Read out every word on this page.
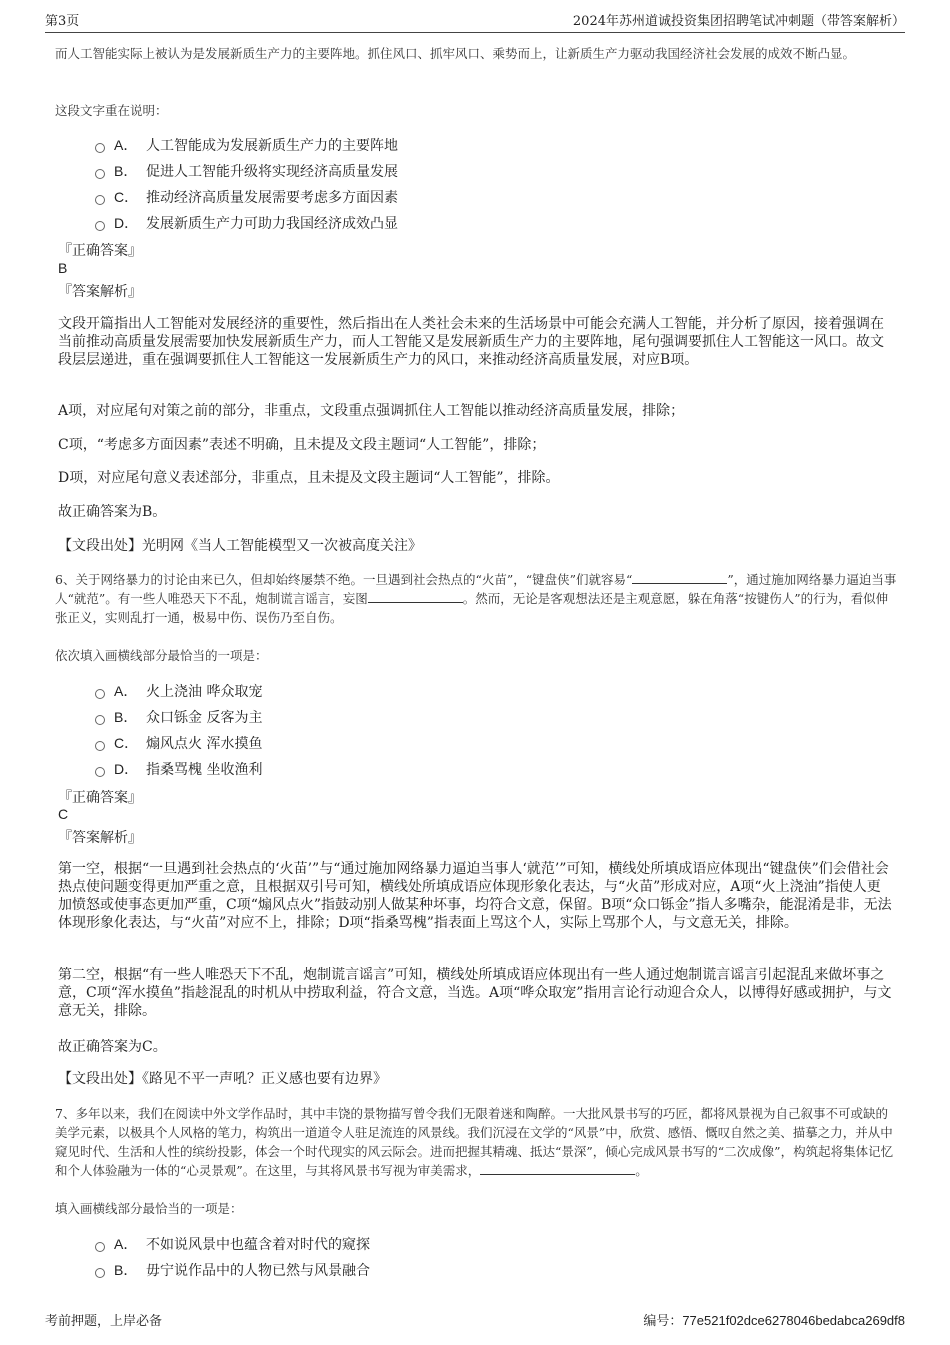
第3页	2024年苏州道诚投资集团招聘笔试冲刺题（带答案解析）
而人工智能实际上被认为是发展新质生产力的主要阵地。抓住风口、抓牢风口、乘势而上，让新质生产力驱动我国经济社会发展的成效不断凸显。
这段文字重在说明：
A． 人工智能成为发展新质生产力的主要阵地
B． 促进人工智能升级将实现经济高质量发展
C． 推动经济高质量发展需要考虑多方面因素
D． 发展新质生产力可助力我国经济成效凸显
『正确答案』
B
『答案解析』
文段开篇指出人工智能对发展经济的重要性，然后指出在人类社会未来的生活场景中可能会充满人工智能，并分析了原因，接着强调在当前推动高质量发展需要加快发展新质生产力，而人工智能又是发展新质生产力的主要阵地，尾句强调要抓住人工智能这一风口。故文段层层递进，重在强调要抓住人工智能这一发展新质生产力的风口，来推动经济高质量发展，对应B项。
A项，对应尾句对策之前的部分，非重点，文段重点强调抓住人工智能以推动经济高质量发展，排除；
C项，“考虑多方面因素”表述不明确，且未提及文段主题词“人工智能”，排除；
D项，对应尾句意义表述部分，非重点，且未提及文段主题词“人工智能”，排除。
故正确答案为B。
【文段出处】光明网《当人工智能模型又一次被高度关注》
6、关于网络暴力的讨论由来已久，但却始终屡禁不绝。一旦遇到社会热点的“火苗”，“键盘侠”们就容易“	”，通过施加网络暴力逼迫当事人“就范”。有一些人唯恐天下不乱，炮制谎言谣言，妄图	。然而，无论是客观想法还是主观意愿，躲在角落“按键伤人”的行为，看似伸张正义，实则乱打一通，极易中伤、误伤乃至自伤。
依次填入画横线部分最恰当的一项是：
A． 火上浇油 哗众取宠
B． 众口铄金 反客为主
C． 煽风点火 浑水摸鱼
D． 指桑骂槐 坐收渔利
『正确答案』
C
『答案解析』
第一空，根据“一旦遇到社会热点的‘火苗’”与“通过施加网络暴力逼迫当事人‘就范’”可知，横线处所填成语应体现出“键盘侠”们会借社会热点使问题变得更加严重之意，且根据双引号可知，横线处所填成语应体现形象化表达，与“火苗”形成对应，A项“火上浇油”指使人更加愤怒或使事态更加严重，C项“煽风点火”指鼓动别人做某种坏事，均符合文意，保留。B项“众口铄金”指人多嘴杂，能混淆是非，无法体现形象化表达，与“火苗”对应不上，排除；D项“指桑骂槐”指表面上骂这个人，实际上骂那个人，与文意无关，排除。
第二空，根据“有一些人唯恐天下不乱，炮制谎言谣言”可知，横线处所填成语应体现出有一些人通过炮制谎言谣言引起混乱来做坏事之意，C项“浑水摸鱼”指趁混乱的时机从中捞取利益，符合文意，当选。A项“哗众取宠”指用言论行动迎合众人，以博得好感或拥护，与文意无关，排除。
故正确答案为C。
【文段出处】《路见不平一声吼？正义感也要有边界》
7、多年以来，我们在阅读中外文学作品时，其中丰饶的景物描写曾令我们无限着迷和陶醉。一大批风景书写的巧匠，都将风景视为自己叙事不可或缺的美学元素，以极具个人风格的笔力，构筑出一道道令人驻足流连的风景线。我们沉浸在文学的“风景”中，欣赏、感悟、慨叹自然之美、描摹之力，并从中窥见时代、生活和人性的缤纷投影，体会一个时代现实的风云际会。进而把握其精魂、抵达“景深”，倾心完成风景书写的“二次成像”，构筑起将集体记忆和个人体验融为一体的“心灵景观”。在这里，与其将风景书写视为审美需求，	。
填入画横线部分最恰当的一项是：
A． 不如说风景中也蕴含着对时代的窥探
B． 毋宁说作品中的人物已然与风景融合
考前押题，上岸必备	编号：77e521f02dce6278046bedabca269df8
